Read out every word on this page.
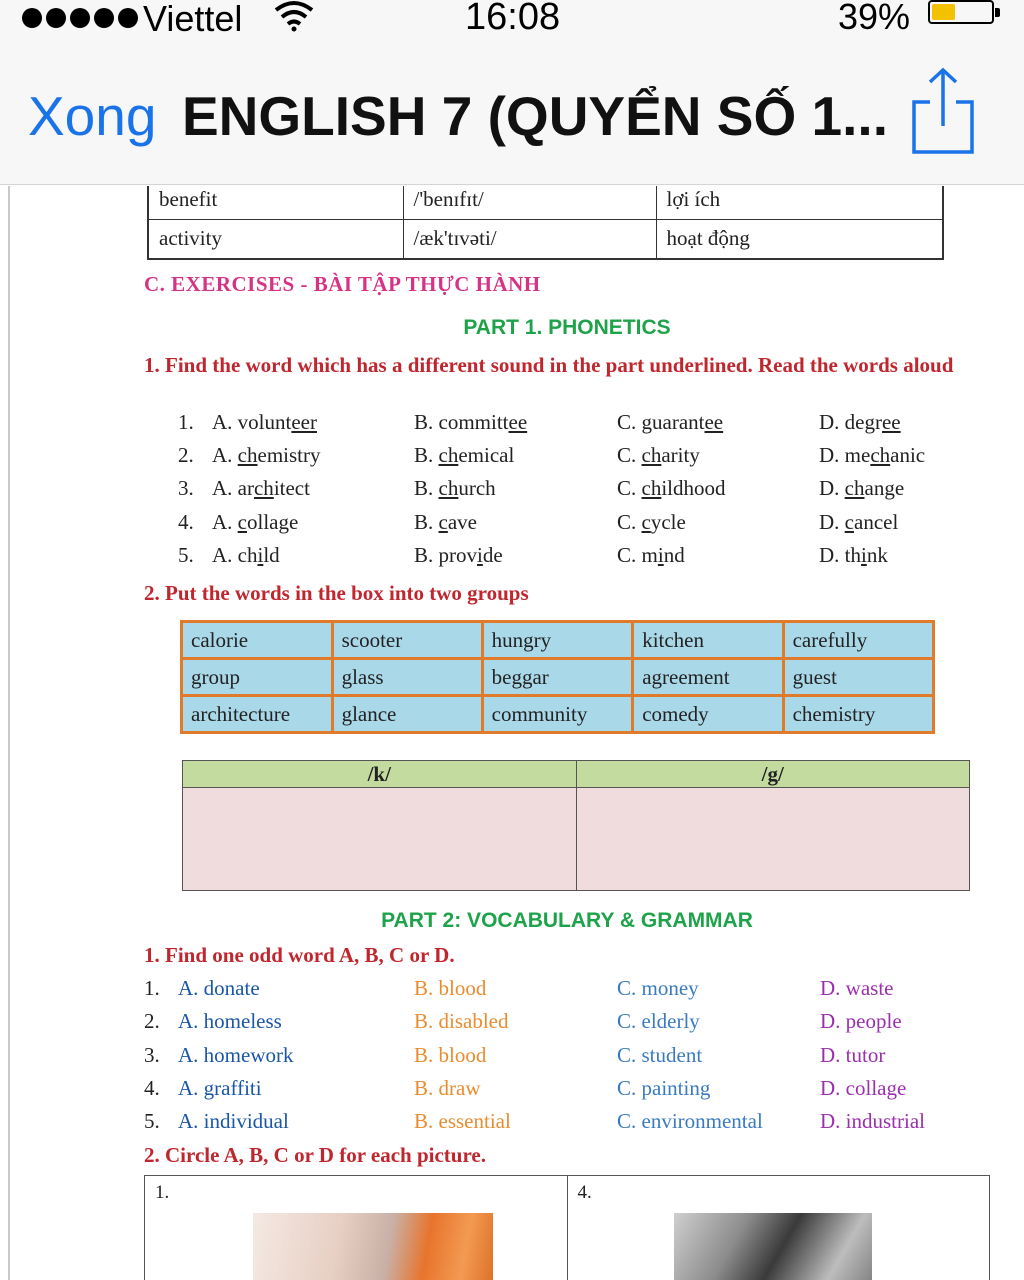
Viettel	16:08	39%
Xong ENGLISH 7 (QUYỂN SỐ 1...
benefit	/'benɪfɪt/	lợi ích
activity	/æk'tɪvəti/	hoạt động
C. EXERCISES - BÀI TẬP THỰC HÀNH
PART 1. PHONETICS
1. Find the word which has a different sound in the part underlined. Read the words aloud
1. A. volunteer	B. committee	C. guarantee	D. degree
2. A. chemistry	B. chemical	C. charity	D. mechanic
3. A. architect	B. church	C. childhood	D. change
4. A. collage	B. cave	C. cycle	D. cancel
5. A. child	B. provide	C. mind	D. think
2. Put the words in the box into two groups
calorie	scooter	hungry	kitchen	carefully
group	glass	beggar	agreement	guest
architecture	glance	community	comedy	chemistry
/k/	/g/

PART 2: VOCABULARY & GRAMMAR
1. Find one odd word A, B, C or D.
1. A. donate	B. blood	C. money	D. waste
2. A. homeless	B. disabled	C. elderly	D. people
3. A. homework	B. blood	C. student	D. tutor
4. A. graffiti	B. draw	C. painting	D. collage
5. A. individual	B. essential	C. environmental	D. industrial
2. Circle A, B, C or D for each picture.
1.	4.
